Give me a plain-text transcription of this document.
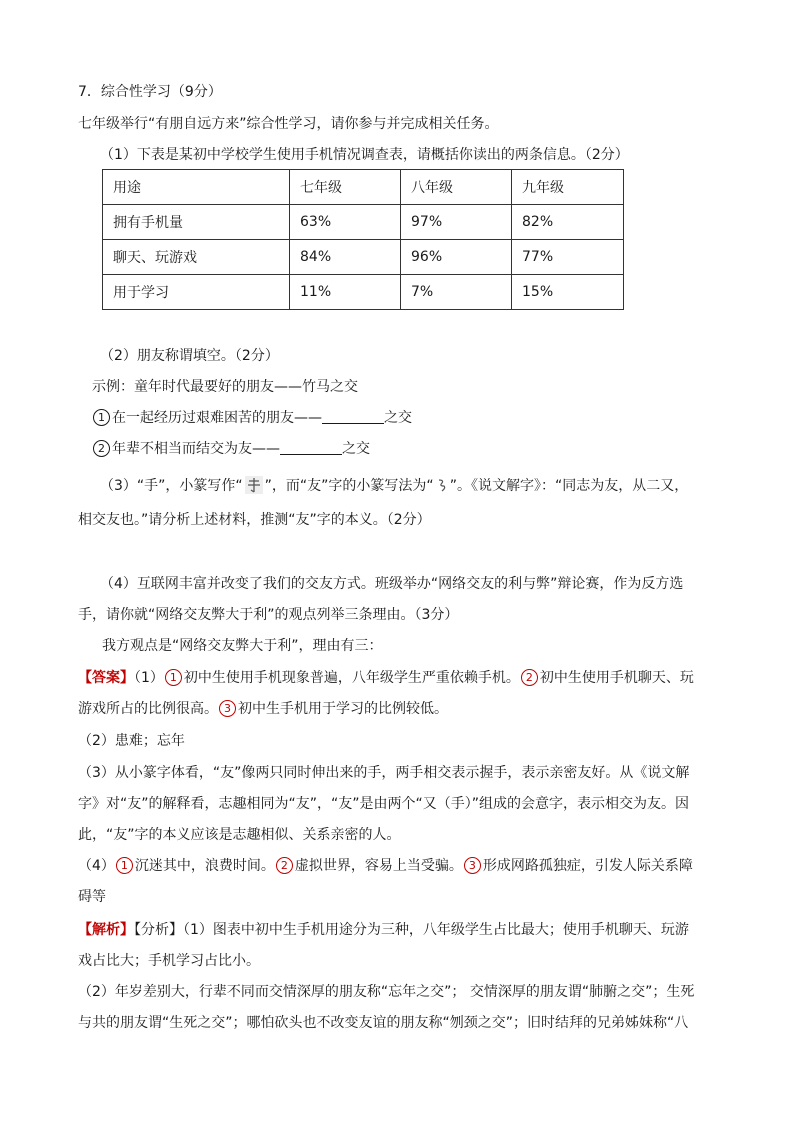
7．综合性学习（9分）
七年级举行“有朋自远方来”综合性学习，请你参与并完成相关任务。
（1）下表是某初中学校学生使用手机情况调查表，请概括你读出的两条信息。（2分）
用途	七年级	八年级	九年级
拥有手机量	63%	97%	82%
聊天、玩游戏	84%	96%	77%
用于学习	11%	7%	15%
（2）朋友称谓填空。（2分）
示例：童年时代最要好的朋友——竹马之交
1 在一起经历过艰难困苦的朋友——	之交
2 年辈不相当而结交为友——	之交
（3）“手”，小篆写作“ ”，而“友”字的小篆写法为“ ”。《说文解字》：“同志为友，从二又，
相交友也。”请分析上述材料，推测“友”字的本义。（2分）
（4）互联网丰富并改变了我们的交友方式。班级举办“网络交友的利与弊”辩论赛，作为反方选
手，请你就“网络交友弊大于利”的观点列举三条理由。（3分）
我方观点是“网络交友弊大于利”，理由有三：
【答案】（1） 1 初中生使用手机现象普遍，八年级学生严重依赖手机。 2 初中生使用手机聊天、玩
游戏所占的比例很高。 3 初中生手机用于学习的比例较低。
（2）患难；忘年
（3）从小篆字体看，“友”像两只同时伸出来的手，两手相交表示握手，表示亲密友好。从《说文解
字》对“友”的解释看，志趣相同为“友”，“友”是由两个“又（手）”组成的会意字，表示相交为友。因
此，“友”字的本义应该是志趣相似、关系亲密的人。
（4） 1 沉迷其中，浪费时间。 2 虚拟世界，容易上当受骗。 3 形成网路孤独症，引发人际关系障
碍等
【解析】【分析】（1）图表中初中生手机用途分为三种，八年级学生占比最大；使用手机聊天、玩游
戏占比大；手机学习占比小。
（2）年岁差别大，行辈不同而交情深厚的朋友称“忘年之交”； 交情深厚的朋友谓“肺腑之交”；生死
与共的朋友谓“生死之交”；哪怕砍头也不改变友谊的朋友称“刎颈之交”；旧时结拜的兄弟姊妹称“八
